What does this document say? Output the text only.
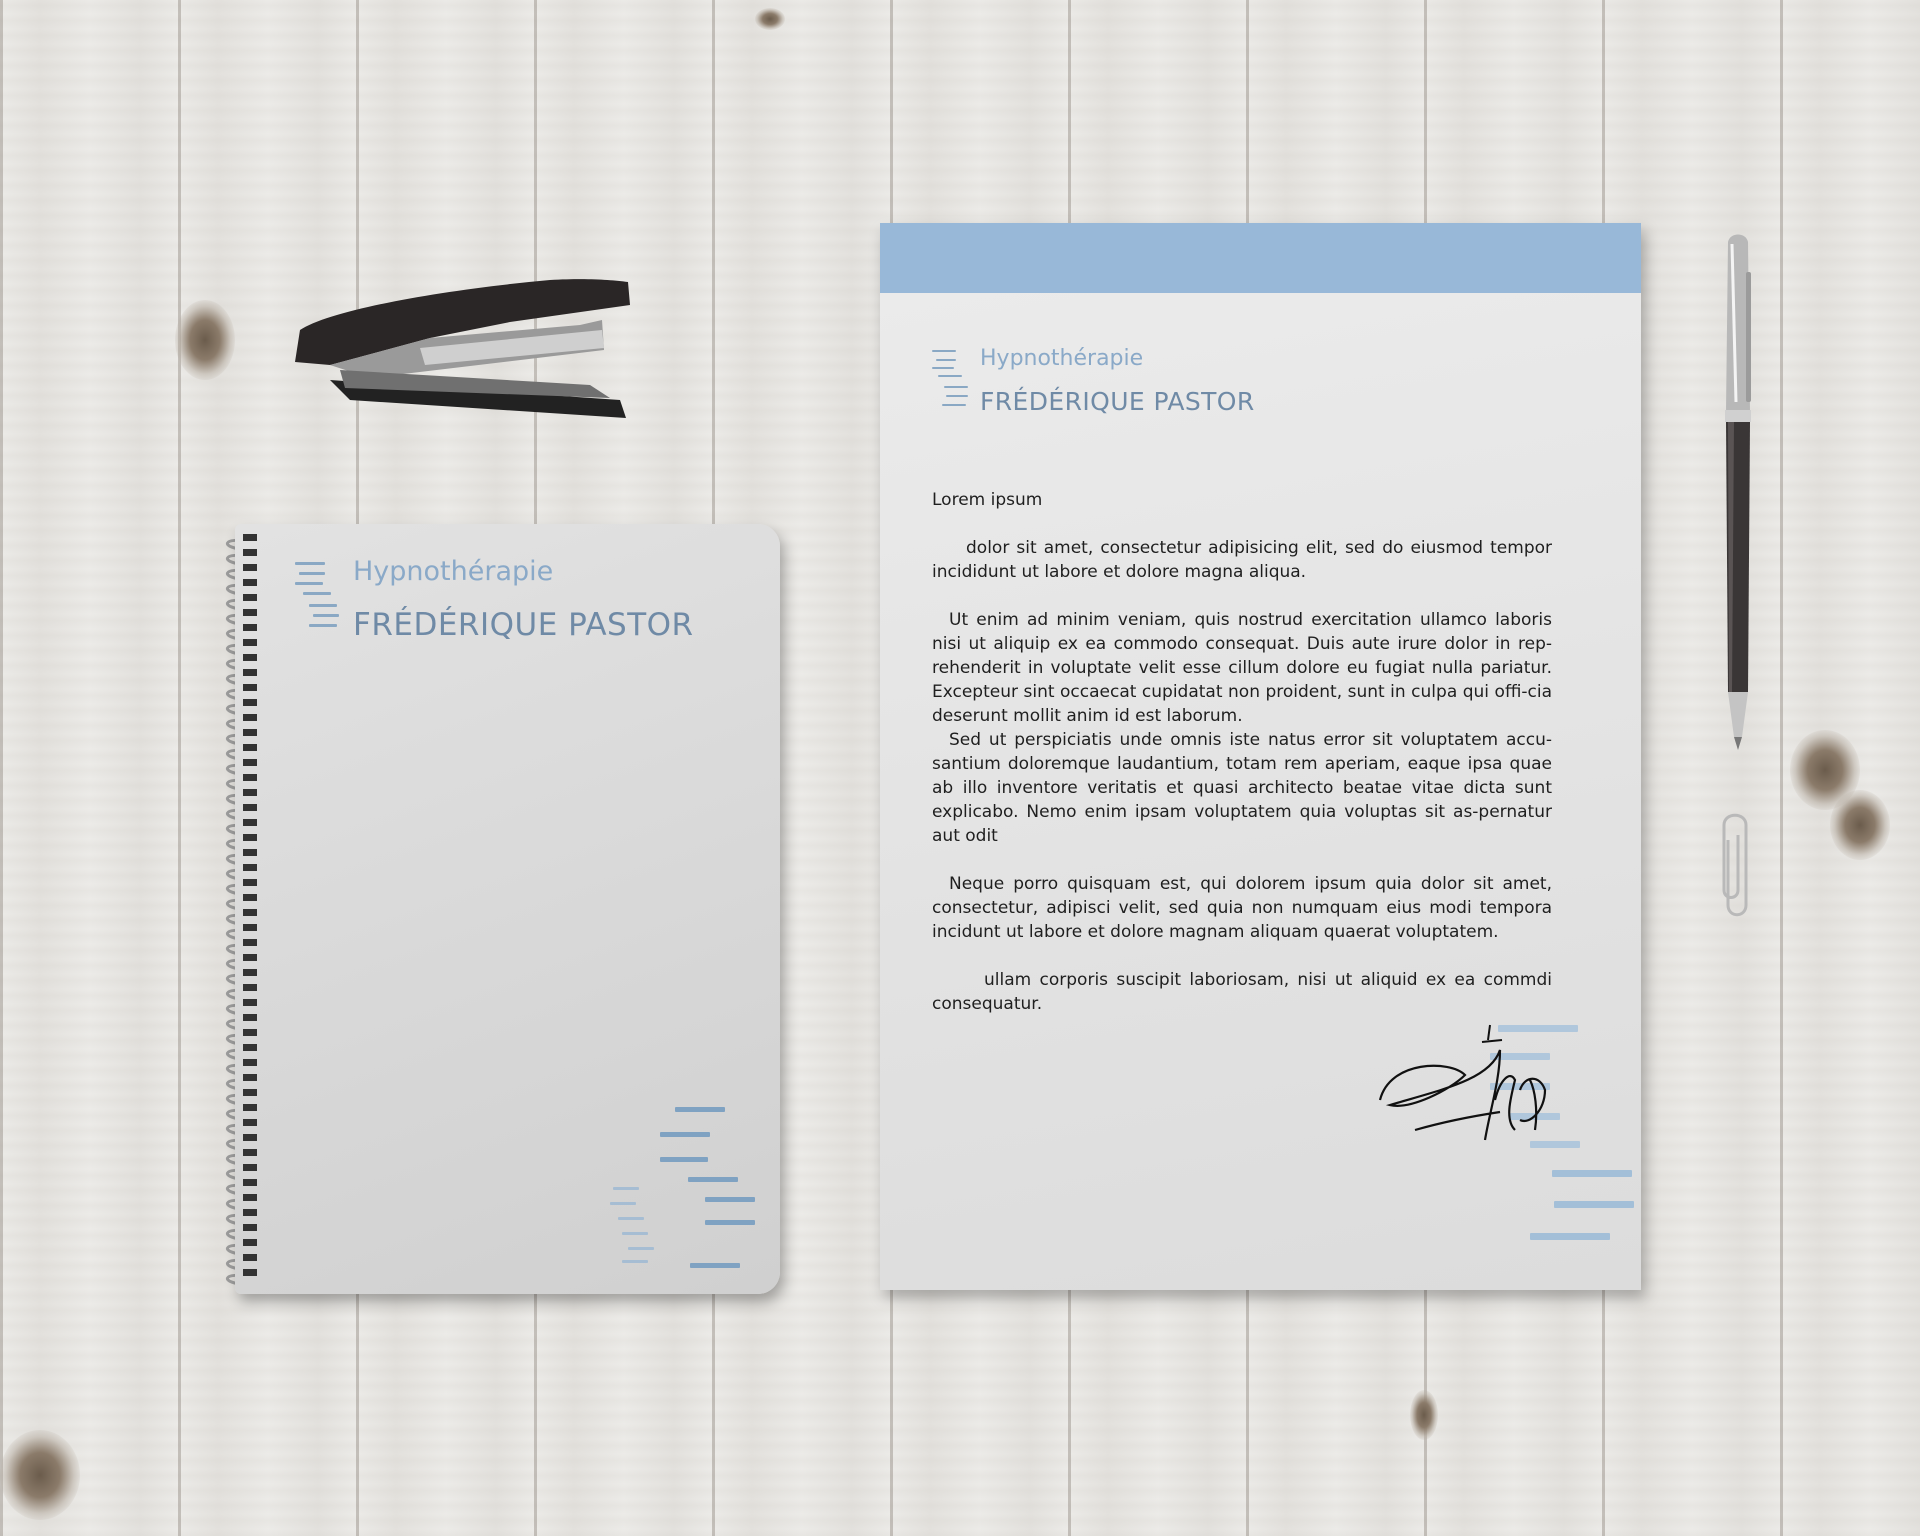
Hypnothérapie
FRÉDÉRIQUE PASTOR
Hypnothérapie
FRÉDÉRIQUE PASTOR

Lorem ipsum

dolor sit amet, consectetur adipisicing elit, sed do eiusmod tempor incididunt ut labore et dolore magna aliqua.

Ut enim ad minim veniam, quis nostrud exercitation ullamco laboris nisi ut aliquip ex ea commodo consequat. Duis aute irure dolor in rep-rehenderit in voluptate velit esse cillum dolore eu fugiat nulla pariatur. Excepteur sint occaecat cupidatat non proident, sunt in culpa qui offi-cia deserunt mollit anim id est laborum.

Sed ut perspiciatis unde omnis iste natus error sit voluptatem accu-santium doloremque laudantium, totam rem aperiam, eaque ipsa quae ab illo inventore veritatis et quasi architecto beatae vitae dicta sunt explicabo. Nemo enim ipsam voluptatem quia voluptas sit as-pernatur aut odit

Neque porro quisquam est, qui dolorem ipsum quia dolor sit amet, consectetur, adipisci velit, sed quia non numquam eius modi tempora incidunt ut labore et dolore magnam aliquam quaerat voluptatem.

ullam corporis suscipit laboriosam, nisi ut aliquid ex ea commdi consequatur.
